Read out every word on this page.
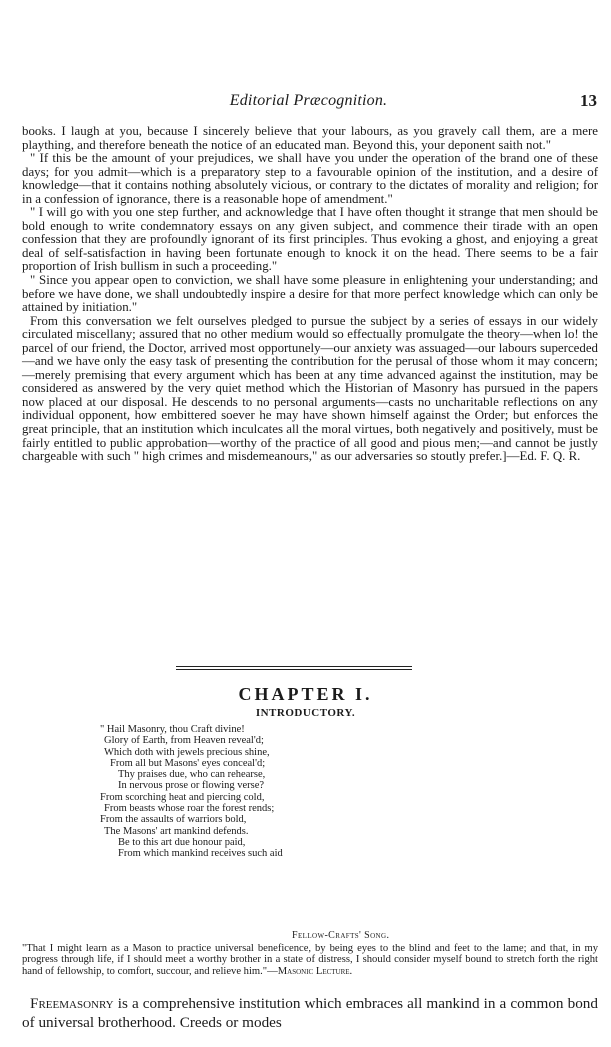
Editorial Præcognition.	13

books. I laugh at you, because I sincerely believe that your labours, as you gravely call them, are a mere plaything, and therefore beneath the notice of an educated man. Beyond this, your deponent saith not."

" If this be the amount of your prejudices, we shall have you under the operation of the brand one of these days; for you admit—which is a preparatory step to a favourable opinion of the institution, and a desire of knowledge—that it contains nothing absolutely vicious, or contrary to the dictates of morality and religion; for in a confession of ignorance, there is a reasonable hope of amendment."

" I will go with you one step further, and acknowledge that I have often thought it strange that men should be bold enough to write condemnatory essays on any given subject, and commence their tirade with an open confession that they are profoundly ignorant of its first principles. Thus evoking a ghost, and enjoying a great deal of self-satisfaction in having been fortunate enough to knock it on the head. There seems to be a fair proportion of Irish bullism in such a proceeding."

" Since you appear open to conviction, we shall have some pleasure in enlightening your understanding; and before we have done, we shall undoubtedly inspire a desire for that more perfect knowledge which can only be attained by initiation."

From this conversation we felt ourselves pledged to pursue the subject by a series of essays in our widely circulated miscellany; assured that no other medium would so effectually promulgate the theory—when lo! the parcel of our friend, the Doctor, arrived most opportunely—our anxiety was assuaged—our labours superceded—and we have only the easy task of presenting the contribution for the perusal of those whom it may concern;—merely premising that every argument which has been at any time advanced against the institution, may be considered as answered by the very quiet method which the Historian of Masonry has pursued in the papers now placed at our disposal. He descends to no personal arguments—casts no uncharitable reflections on any individual opponent, how embittered soever he may have shown himself against the Order; but enforces the great principle, that an institution which inculcates all the moral virtues, both negatively and positively, must be fairly entitled to public approbation—worthy of the practice of all good and pious men;—and cannot be justly chargeable with such " high crimes and misdemeanours," as our adversaries so stoutly prefer.]—Ed. F. Q. R.

CHAPTER I.
INTRODUCTORY.
" Hail Masonry, thou Craft divine!
Glory of Earth, from Heaven reveal'd;
Which doth with jewels precious shine,
From all but Masons' eyes conceal'd;
Thy praises due, who can rehearse,
In nervous prose or flowing verse?
From scorching heat and piercing cold,
From beasts whose roar the forest rends;
From the assaults of warriors bold,
The Masons' art mankind defends.
Be to this art due honour paid,
From which mankind receives such aid
Fellow-Crafts' Song.
"That I might learn as a Mason to practice universal beneficence, by being eyes to the blind and feet to the lame; and that, in my progress through life, if I should meet a worthy brother in a state of distress, I should consider myself bound to stretch forth the right hand of fellowship, to comfort, succour, and relieve him."—Masonic Lecture.
Freemasonry is a comprehensive institution which embraces all mankind in a common bond of universal brotherhood. Creeds or modes
